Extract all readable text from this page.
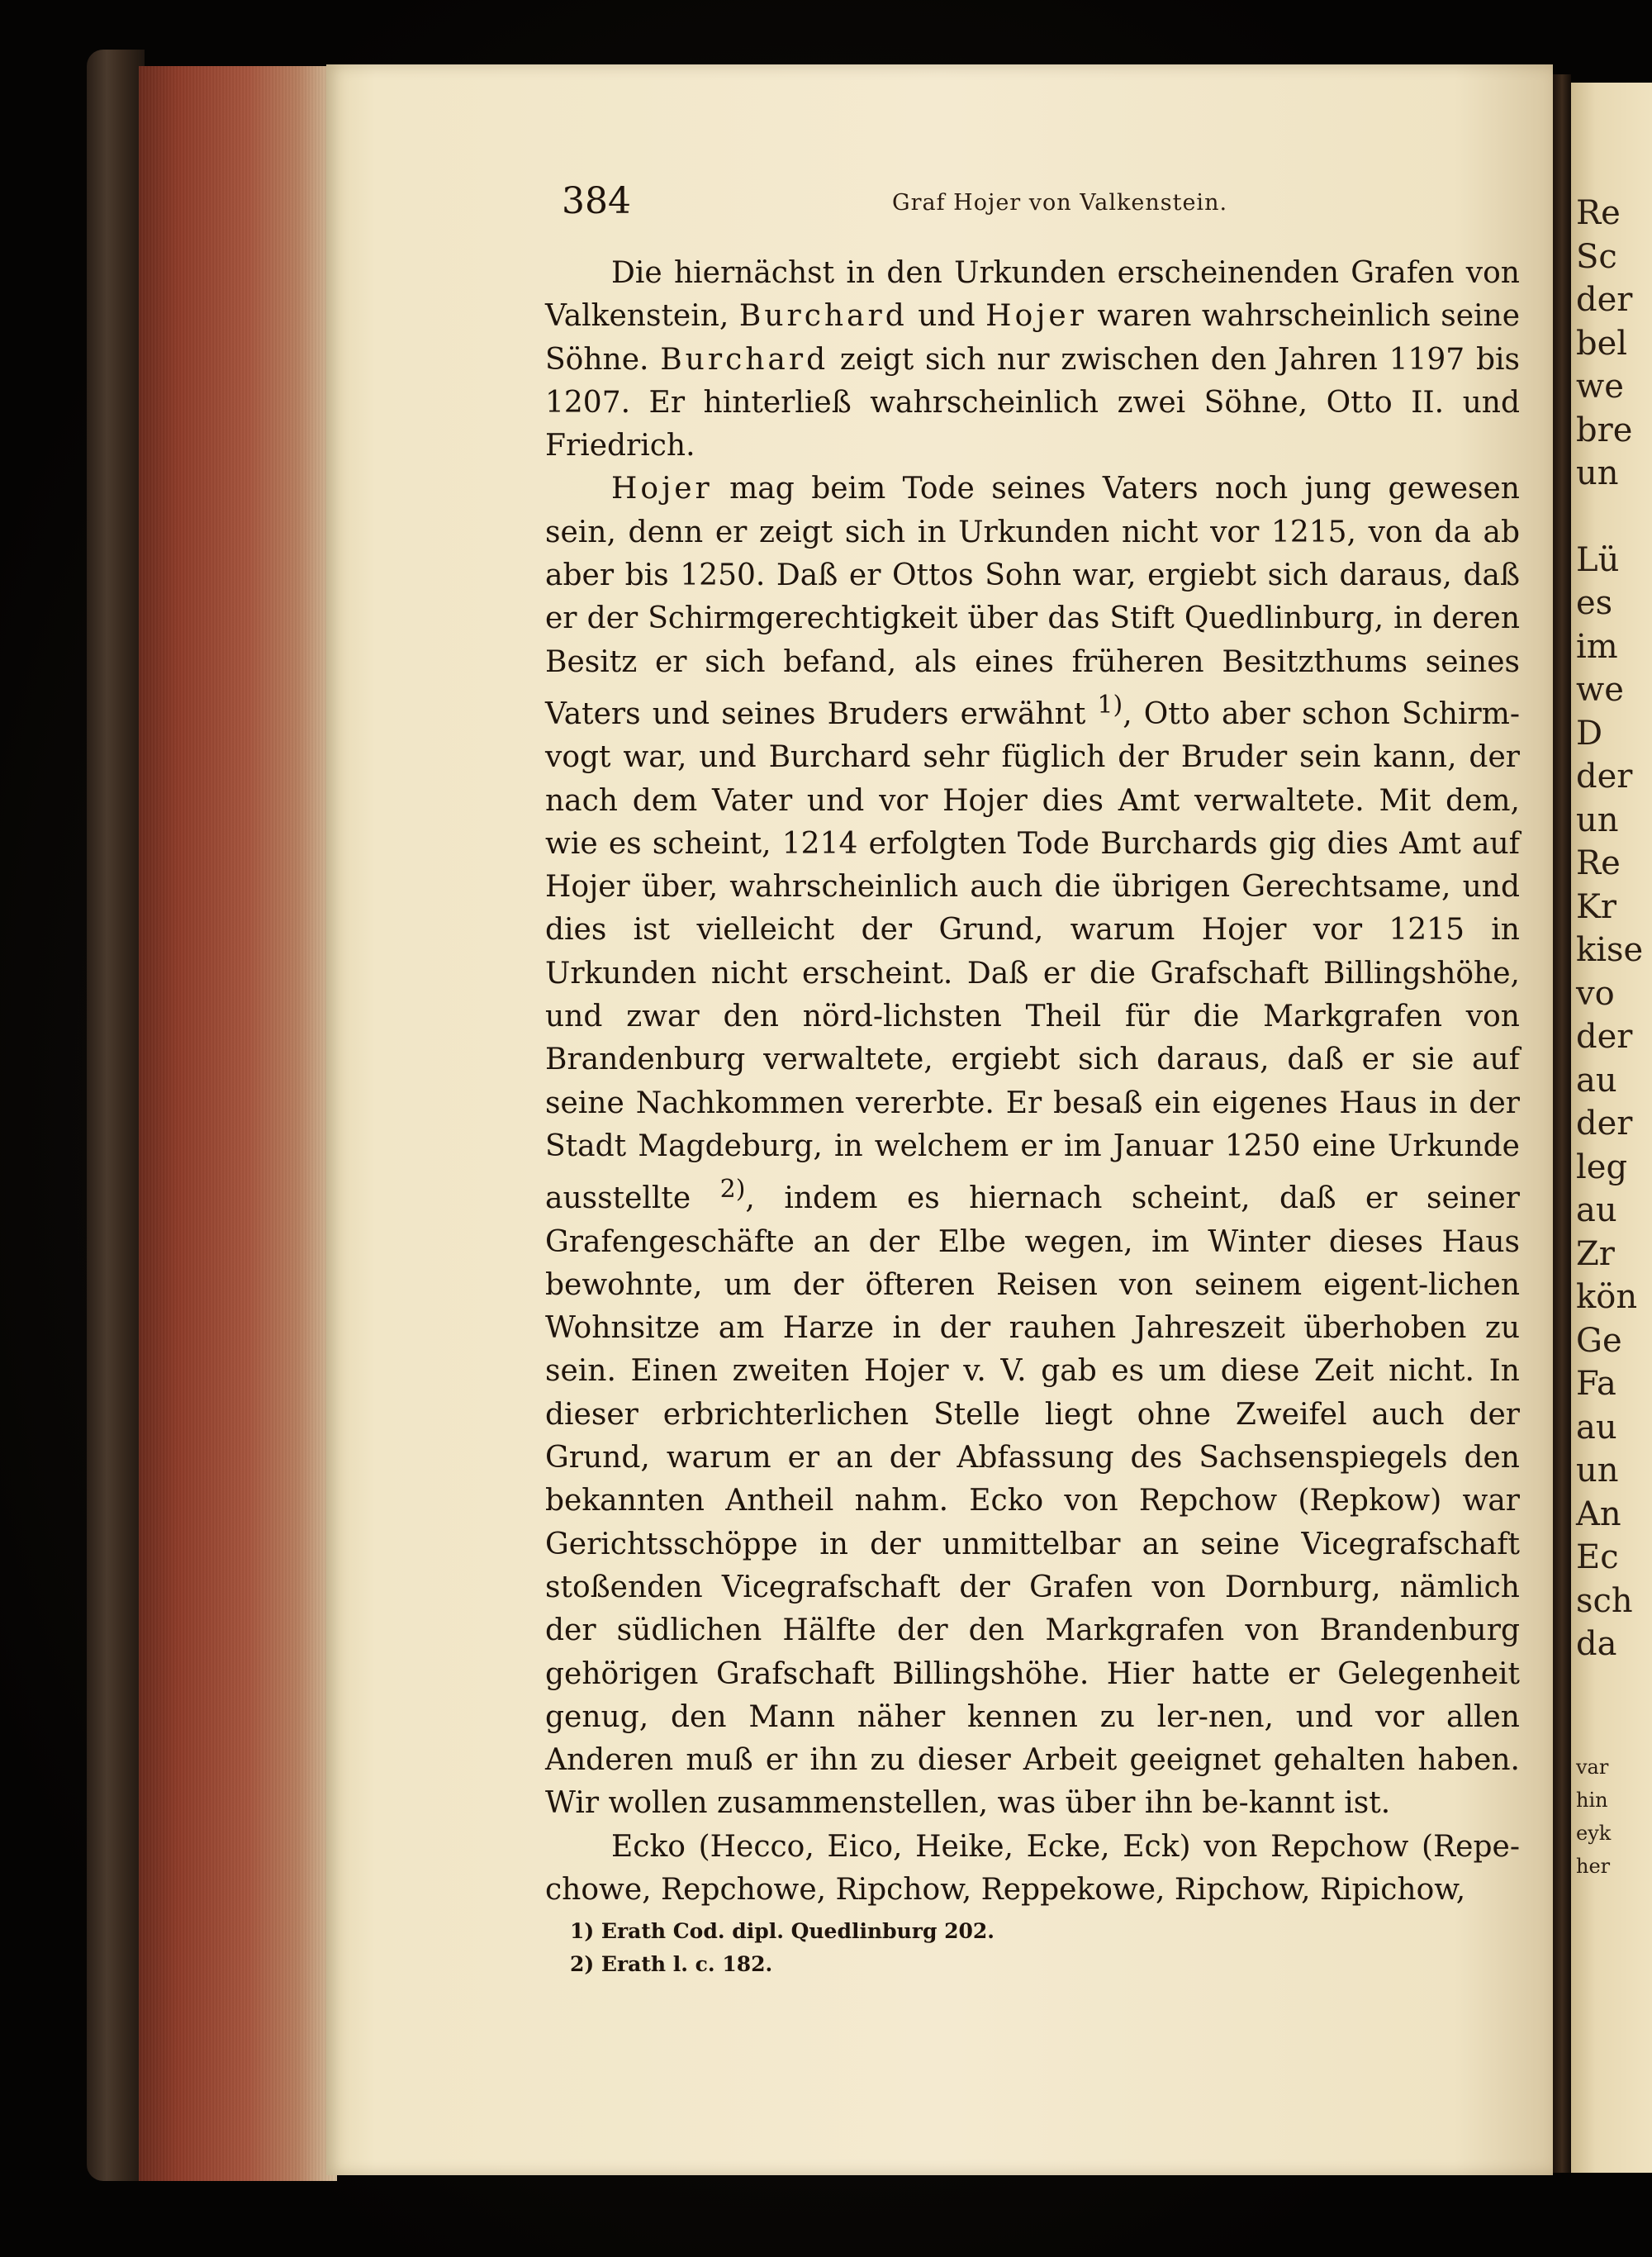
Re
Sc
der
bel
we
bre
un
Lü
es
im
we
D
der
un
Re
Kr
kise
vo
der
au
der
leg
au
Zr
kön
Ge
Fa
au
un
An
Ec
sch
da
var
hin
eyk
her
384	Graf Hojer von Valkenstein.

Die hiernächst in den Urkunden erscheinenden Grafen von Valkenstein, Burchard und Hojer waren wahrscheinlich seine Söhne. Burchard zeigt sich nur zwischen den Jahren 1197 bis 1207. Er hinterließ wahrscheinlich zwei Söhne, Otto II. und Friedrich.

Hojer mag beim Tode seines Vaters noch jung gewesen sein, denn er zeigt sich in Urkunden nicht vor 1215, von da ab aber bis 1250. Daß er Ottos Sohn war, ergiebt sich daraus, daß er der Schirmgerechtigkeit über das Stift Quedlinburg, in deren Besitz er sich befand, als eines früheren Besitzthums seines Vaters und seines Bruders erwähnt $^{1)}$, Otto aber schon Schirm-vogt war, und Burchard sehr füglich der Bruder sein kann, der nach dem Vater und vor Hojer dies Amt verwaltete. Mit dem, wie es scheint, 1214 erfolgten Tode Burchards gig dies Amt auf Hojer über, wahrscheinlich auch die übrigen Gerechtsame, und dies ist vielleicht der Grund, warum Hojer vor 1215 in Urkunden nicht erscheint. Daß er die Grafschaft Billingshöhe, und zwar den nörd-lichsten Theil für die Markgrafen von Brandenburg verwaltete, ergiebt sich daraus, daß er sie auf seine Nachkommen vererbte. Er besaß ein eigenes Haus in der Stadt Magdeburg, in welchem er im Januar 1250 eine Urkunde ausstellte $^{2)}$, indem es hiernach scheint, daß er seiner Grafengeschäfte an der Elbe wegen, im Winter dieses Haus bewohnte, um der öfteren Reisen von seinem eigent-lichen Wohnsitze am Harze in der rauhen Jahreszeit überhoben zu sein. Einen zweiten Hojer v. V. gab es um diese Zeit nicht. In dieser erbrichterlichen Stelle liegt ohne Zweifel auch der Grund, warum er an der Abfassung des Sachsenspiegels den bekannten Antheil nahm. Ecko von Repchow (Repkow) war Gerichtsschöppe in der unmittelbar an seine Vicegrafschaft stoßenden Vicegrafschaft der Grafen von Dornburg, nämlich der südlichen Hälfte der den Markgrafen von Brandenburg gehörigen Grafschaft Billingshöhe. Hier hatte er Gelegenheit genug, den Mann näher kennen zu ler-nen, und vor allen Anderen muß er ihn zu dieser Arbeit geeignet gehalten haben. Wir wollen zusammenstellen, was über ihn be-kannt ist.

Ecko (Hecco, Eico, Heike, Ecke, Eck) von Repchow (Repe-chowe, Repchowe, Ripchow, Reppekowe, Ripchow, Ripichow,

1) Erath Cod. dipl. Quedlinburg 202.
2) Erath l. c. 182.
